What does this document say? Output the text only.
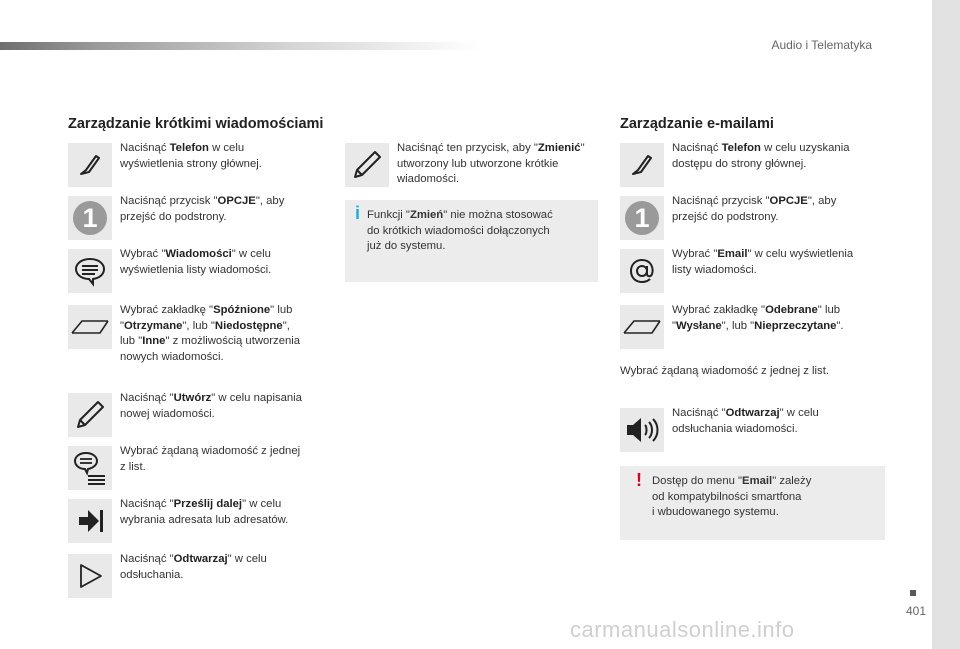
Audio i Telematyka
Zarządzanie krótkimi wiadomościami
Naciśnąć Telefon w celu
wyświetlenia strony głównej.
1
Naciśnąć przycisk "OPCJE", aby
przejść do podstrony.
Wybrać "Wiadomości" w celu
wyświetlenia listy wiadomości.
Wybrać zakładkę "Spóźnione" lub
"Otrzymane", lub "Niedostępne",
lub "Inne" z możliwością utworzenia
nowych wiadomości.
Naciśnąć "Utwórz" w celu napisania
nowej wiadomości.
Wybrać żądaną wiadomość z jednej
z list.
Naciśnąć "Prześlij dalej" w celu
wybrania adresata lub adresatów.
Naciśnąć "Odtwarzaj" w celu
odsłuchania.
Naciśnąć ten przycisk, aby "Zmienić"
utworzony lub utworzone krótkie
wiadomości.
i Funkcji "Zmień" nie można stosować
do krótkich wiadomości dołączonych
już do systemu.
Zarządzanie e-mailami
Naciśnąć Telefon w celu uzyskania
dostępu do strony głównej.
1
Naciśnąć przycisk "OPCJE", aby
przejść do podstrony.
Wybrać "Email" w celu wyświetlenia
listy wiadomości.
Wybrać zakładkę "Odebrane" lub
"Wysłane", lub "Nieprzeczytane".
Wybrać żądaną wiadomość z jednej z list.
Naciśnąć "Odtwarzaj" w celu
odsłuchania wiadomości.
! Dostęp do menu "Email" zależy
od kompatybilności smartfona
i wbudowanego systemu.
401
carmanualsonline.info
